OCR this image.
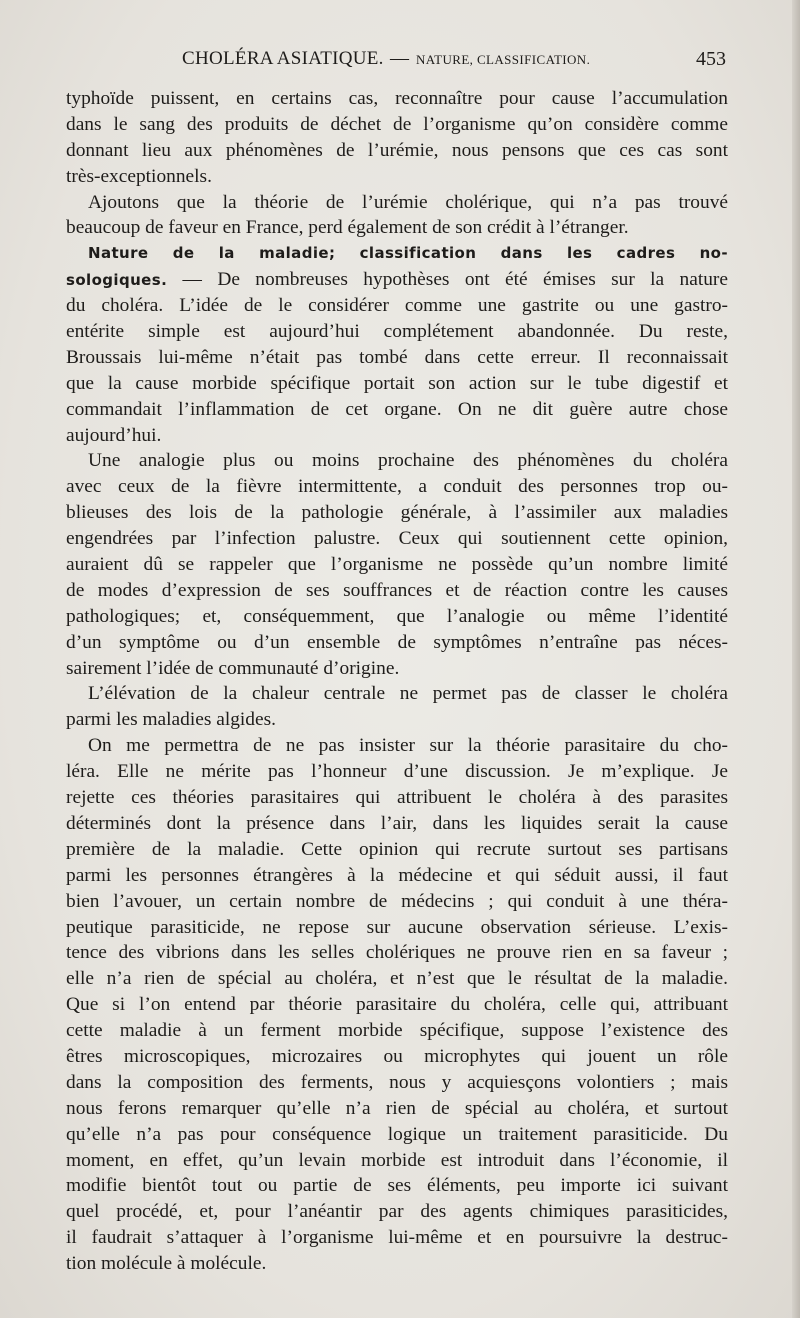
CHOLÉRA ASIATIQUE. — NATURE, CLASSIFICATION.	453
typhoïde puissent, en certains cas, reconnaître pour cause l’accumulation
dans le sang des produits de déchet de l’organisme qu’on considère comme
donnant lieu aux phénomènes de l’urémie, nous pensons que ces cas sont
très-exceptionnels.
Ajoutons que la théorie de l’urémie cholérique, qui n’a pas trouvé
beaucoup de faveur en France, perd également de son crédit à l’étranger.
Nature de la maladie; classification dans les cadres no-
sologiques. — De nombreuses hypothèses ont été émises sur la nature
du choléra. L’idée de le considérer comme une gastrite ou une gastro-
entérite simple est aujourd’hui complétement abandonnée. Du reste,
Broussais lui-même n’était pas tombé dans cette erreur. Il reconnaissait
que la cause morbide spécifique portait son action sur le tube digestif et
commandait l’inflammation de cet organe. On ne dit guère autre chose
aujourd’hui.
Une analogie plus ou moins prochaine des phénomènes du choléra
avec ceux de la fièvre intermittente, a conduit des personnes trop ou-
blieuses des lois de la pathologie générale, à l’assimiler aux maladies
engendrées par l’infection palustre. Ceux qui soutiennent cette opinion,
auraient dû se rappeler que l’organisme ne possède qu’un nombre limité
de modes d’expression de ses souffrances et de réaction contre les causes
pathologiques; et, conséquemment, que l’analogie ou même l’identité
d’un symptôme ou d’un ensemble de symptômes n’entraîne pas néces-
sairement l’idée de communauté d’origine.
L’élévation de la chaleur centrale ne permet pas de classer le choléra
parmi les maladies algides.
On me permettra de ne pas insister sur la théorie parasitaire du cho-
léra. Elle ne mérite pas l’honneur d’une discussion. Je m’explique. Je
rejette ces théories parasitaires qui attribuent le choléra à des parasites
déterminés dont la présence dans l’air, dans les liquides serait la cause
première de la maladie. Cette opinion qui recrute surtout ses partisans
parmi les personnes étrangères à la médecine et qui séduit aussi, il faut
bien l’avouer, un certain nombre de médecins ; qui conduit à une théra-
peutique parasiticide, ne repose sur aucune observation sérieuse. L’exis-
tence des vibrions dans les selles cholériques ne prouve rien en sa faveur ;
elle n’a rien de spécial au choléra, et n’est que le résultat de la maladie.
Que si l’on entend par théorie parasitaire du choléra, celle qui, attribuant
cette maladie à un ferment morbide spécifique, suppose l’existence des
êtres microscopiques, microzaires ou microphytes qui jouent un rôle
dans la composition des ferments, nous y acquiesçons volontiers ; mais
nous ferons remarquer qu’elle n’a rien de spécial au choléra, et surtout
qu’elle n’a pas pour conséquence logique un traitement parasiticide. Du
moment, en effet, qu’un levain morbide est introduit dans l’économie, il
modifie bientôt tout ou partie de ses éléments, peu importe ici suivant
quel procédé, et, pour l’anéantir par des agents chimiques parasiticides,
il faudrait s’attaquer à l’organisme lui-même et en poursuivre la destruc-
tion molécule à molécule.
